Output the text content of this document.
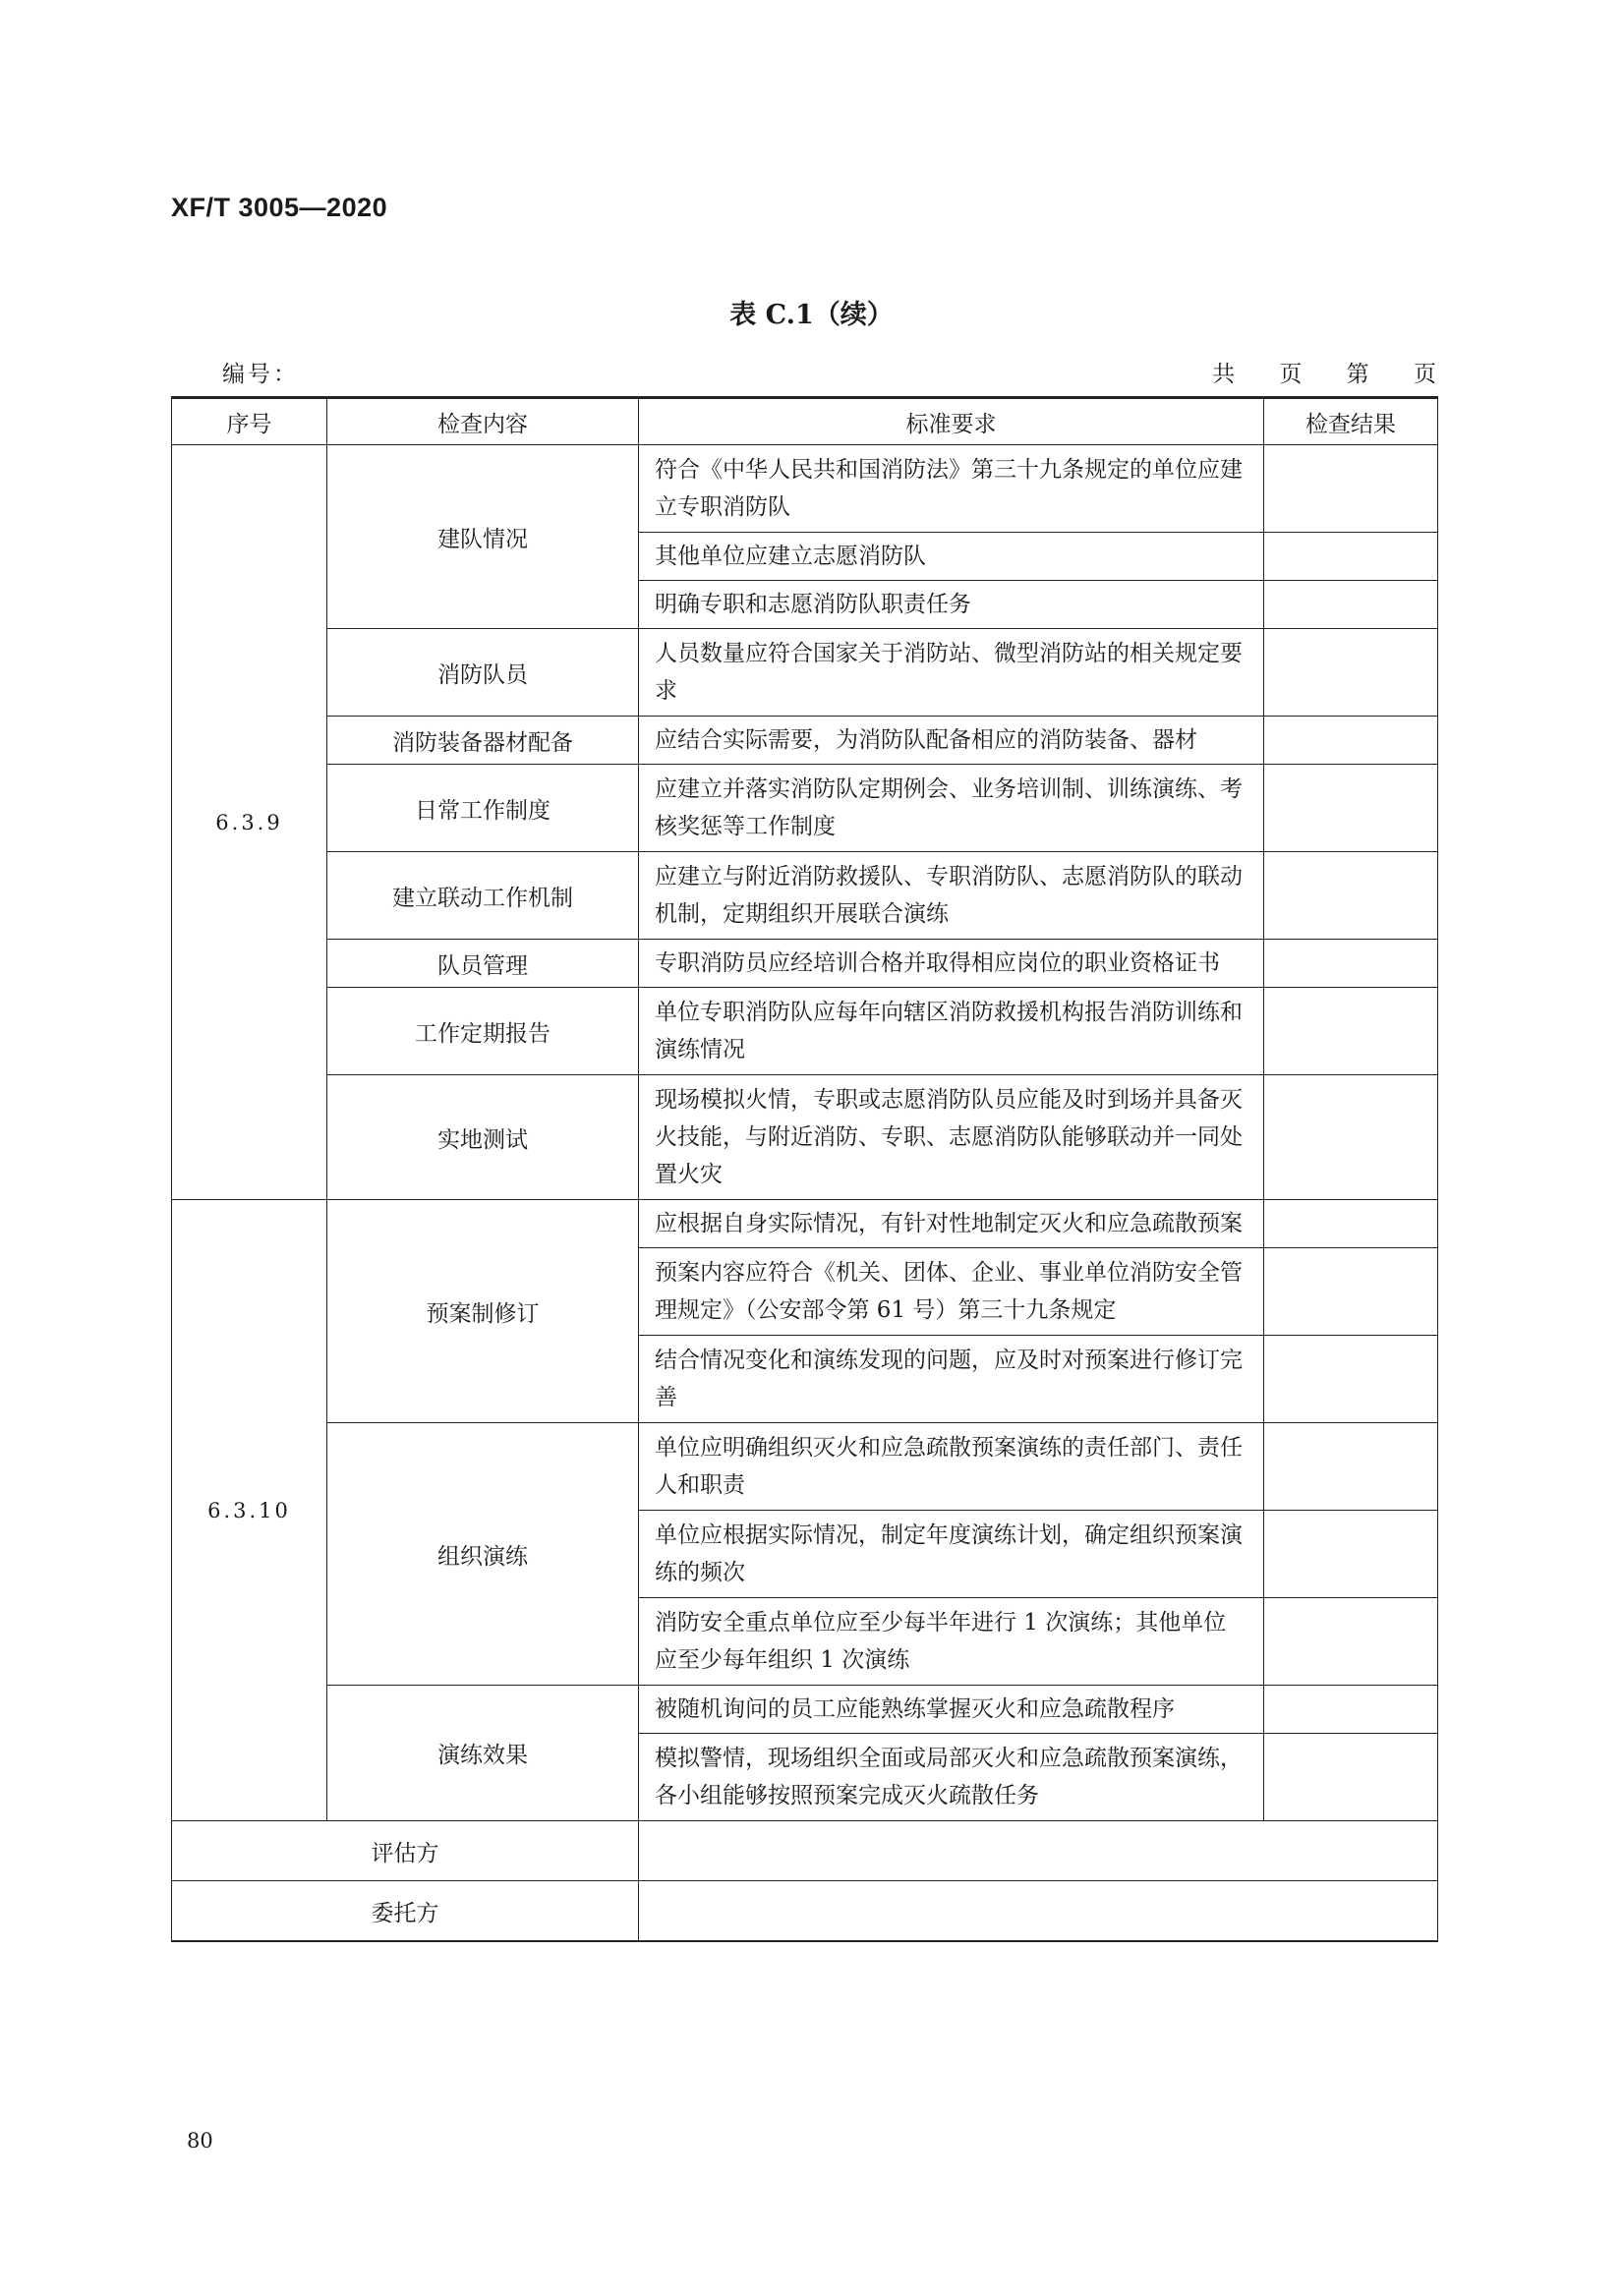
XF/T 3005—2020
表 C.1（续）
编号：	共 页 第 页
序号	检查内容	标准要求	检查结果
6.3.9	建队情况	符合《中华人民共和国消防法》第三十九条规定的单位应建立专职消防队	
		其他单位应建立志愿消防队	
		明确专职和志愿消防队职责任务	
	消防队员	人员数量应符合国家关于消防站、微型消防站的相关规定要求	
	消防装备器材配备	应结合实际需要，为消防队配备相应的消防装备、器材	
	日常工作制度	应建立并落实消防队定期例会、业务培训制、训练演练、考核奖惩等工作制度	
	建立联动工作机制	应建立与附近消防救援队、专职消防队、志愿消防队的联动机制，定期组织开展联合演练	
	队员管理	专职消防员应经培训合格并取得相应岗位的职业资格证书	
	工作定期报告	单位专职消防队应每年向辖区消防救援机构报告消防训练和演练情况	
	实地测试	现场模拟火情，专职或志愿消防队员应能及时到场并具备灭火技能，与附近消防、专职、志愿消防队能够联动并一同处置火灾	
6.3.10	预案制修订	应根据自身实际情况，有针对性地制定灭火和应急疏散预案	
		预案内容应符合《机关、团体、企业、事业单位消防安全管理规定》（公安部令第 61 号）第三十九条规定	
		结合情况变化和演练发现的问题，应及时对预案进行修订完善	
	组织演练	单位应明确组织灭火和应急疏散预案演练的责任部门、责任人和职责	
		单位应根据实际情况，制定年度演练计划，确定组织预案演练的频次	
		消防安全重点单位应至少每半年进行 1 次演练；其他单位应至少每年组织 1 次演练	
	演练效果	被随机询问的员工应能熟练掌握灭火和应急疏散程序	
		模拟警情，现场组织全面或局部灭火和应急疏散预案演练，各小组能够按照预案完成灭火疏散任务	
评估方			
委托方			
80
